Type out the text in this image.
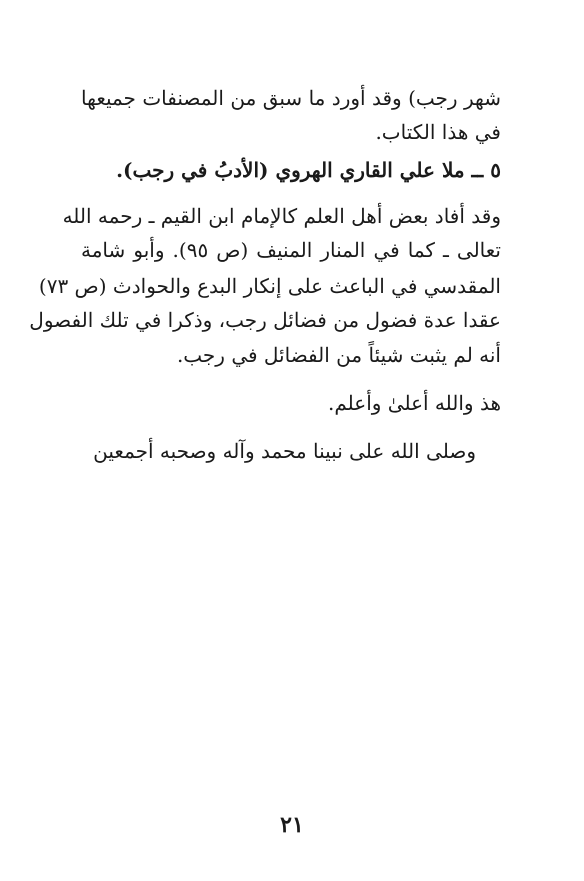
شهر رجب) وقد أورد ما سبق من المصنفات جميعها
في هذا الكتاب.
٥ ــ ملا علي القاري الهروي (الأدبُ في رجب).
وقد أفاد بعض أهل العلم كالإمام ابن القيم ـ رحمه الله
تعالى ـ كما في المنار المنيف (ص ٩٥). وأبو شامة
المقدسي في الباعث على إنكار البدع والحوادث (ص ٧٣)
عقدا عدة فضول من فضائل رجب، وذكرا في تلك الفصول
أنه لم يثبت شيئاً من الفضائل في رجب.
هذ والله أعلىٰ وأعلم.
وصلى الله على نبينا محمد وآله وصحبه أجمعين
٢١
